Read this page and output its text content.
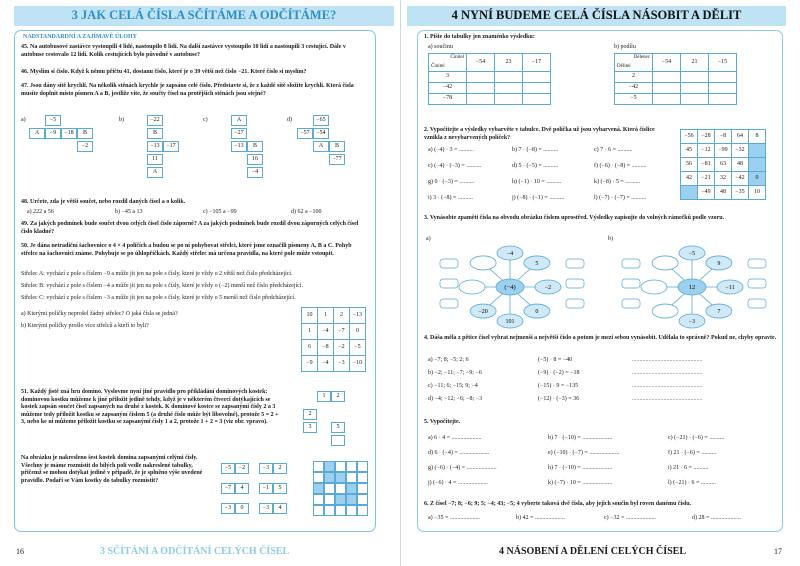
3 JAK CELÁ ČÍSLA SČÍTÁME A ODČÍTÁME?
NADSTANDARDNÍ A ZAJÍMAVÉ ÚLOHY
45. Na autobusové zastávce vystoupili 4 lidé, nastoupilo 8 lidí. Na další zastávce vystoupilo 10 lidí a nastoupili 3 cestující. Dále v autobuse cestovalo 12 lidí. Kolik cestujících bylo původně v autobuse?
46. Myslím si číslo. Když k němu přičtu 41, dostanu číslo, které je o 39 větší než číslo −21. Které číslo si myslím?
47. Jsou dány sítě krychlí. Na několik stěnách krychle je zapsáno celé číslo. Představte si, že z každé sítě složíte krychli. Která čísla musíte doplnit místo písmen A a B, jestliže víte, že součty čísel na protějších stěnách jsou stejné?
a)	b)	c)	d)
−5
A	−9	−18	B
−2
−22
B
−13	−17
11
A
A
−27
−13	B
16
−4
−65
−57	−54
B
A
−77
48. Určete, zda je větší součet, nebo rozdíl daných čísel a o kolik.
a) 222 a 56	b) −45 a 13	c) −105 a −99	d) 62 a −100
49. Za jakých podmínek bude součet dvou celých čísel číslo záporné? A za jakých podmínek bude rozdíl dvou záporných celých čísel číslo kladné?
50. Je dána netradiční šachovnice o 4 × 4 políčích a budou se po ní pohybovat střelci, které jsme označili písmeny A, B a C. Pohyb střelce na šachovnici známe. Pohybuje se po úhlopříčkách. Každý střelec má určena pravidla, na které pole může vstoupit.
Střelec A: vychází z pole s číslem −9 a může jít jen na pole s čísly, které je vždy o 2 větší než číslo předcházející.
Střelec B: vychází z pole s číslem −4 a může jít jen na pole s čísly, které je vždy o (−2) menší než číslo předcházející.
Střelec C: vychází z pole s číslem −3 a může jít jen na pole s čísly, které je vždy o 5 menší než číslo předcházející.
a) Kterými políčky neprošel žádný střelec? O jaká čísla se jedná?
b) Kterými políčky prošlo více střelců a kteří to byli?
10	1	2	−13
1	−4	−7	0
6	−8	−2	−5
−9	−4	−3	−10
51. Každý jistě zná hru domino. Vyslovme nyní jiné pravidlo pro přikládání dominových kostek: dominovou kostku můžeme k jiné přiložit jedině tehdy, když je v některém čtverci dotýkajících se kostek zapsán součet čísel zapsaných na druhé z kostek. K dominové kostce se zapsanými čísly 2 a 3 můžeme tedy přiložit kostku se zapsaným číslem 5 (a druhé číslo může být libovolné), protože 5 = 2 + 3, nebo ke ní můžeme přiložit kostku se zapsanými čísly 1 a 2, protože 1 + 2 = 3 (viz obr. vpravo).
Na obrázku je nakresleno šest kostek domina zapsanými celými čísly. Všechny je máme rozmístit do bílých polí vedle nakreslené tabulky, přičemž se mohou dotýkat jedině v případě, že je splněno výše uvedené pravidlo. Podaří se Vám kostky do tabulky rozmístit?
1	2
2
3	5
−5	−2	−3	2
−7	4	−1	5
−3	0	−3	4
16	3 SČÍTÁNÍ A ODČÍTÁNÍ CELÝCH ČÍSEL
4 NYNÍ BUDEME CELÁ ČÍSLA NÁSOBIT A DĚLIT
1. Pište do tabulky jen znaménko výsledku:
a) součinu	b) podílu
Činitel
Činitel	−54	23	−17
3			
−42			
−78			
Dělenec
Dělitel	−54	21	−15
2			
−42			
−5			
2. Vypočítejte a výsledky vybarvěte v tabulce. Dvě políčka už jsou vybarvená. Která číslice vznikla z nevybarvených políček?
a) (−4) · 3 = ..........	b) 7 · (−8) = ..........	c) 7 · 6 = ..........
c) (−4) · (−3) = ..........	d) 5 · (−5) = ..........	f) (−6) · (−8) = ..........
g) 0 · (−3) = ..........	h) (−1) · 10 = ..........	k) (−8) · 5 = ..........
i) 3 · (−8) = ..........	j) (−8) · (−1) = ..........	l) (−7) · (−7) = ..........
−56	−28	−8	64	8
45	−12	−99	−32	
56	−81	63	48	
42	−21	32	−42	0
	−49	48	−35	10
3. Vynásobte zpaměti čísla na obvodu obrázku číslem uprostřed. Výsledky zapisujte do volných rámečků podle vzoru.
a)	b)
−4
5
−2
0
101
−20
(−4)
−5
9
−11
7
−3
12
4. Dáša měla z pětice čísel vybrat nejmenší a největší číslo a potom je mezi sebou vynásobit. Udělala to správně? Pokud ne, chyby opravte.
a) −7; 8; −5; 2; 6	(−5) · 8 = −40	...............................................
b) −2; −11; −7; −9; −6	(−9) · (−2) = −18	...............................................
c) −11; 6; −15; 9; −4	(−15) · 9 = −135	...............................................
d) −4; −12; −6; −8; −3	(−12) · (−3) = 36	...............................................
5. Vypočítejte.
a) 6 · 4 = ....................	b) 7 · (−10) = ....................	c) (−21) · (−6) = ..........
d) 6 · (−4) = ....................	e) (−10) · (−7) = ....................	f) 21 · (−6) = ..........
g) (−6) · (−4) = ....................	h) 7 · (−10) = ....................	i) 21 · 6 = ..........
j) (−6) · 4 = ....................	k) (−7) · 10 = ....................	l) (−21) · 6 = ..........
6. Z čísel −7; 8; −6; 9; 5; −4; 43; −5; 4 vyberte taková dvě čísla, aby jejich součin byl roven danému číslu.
a) −35 = ....................	b) 42 = ....................	c) −32 = ....................	d) 28 = ....................
4 NÁSOBENÍ A DĚLENÍ CELÝCH ČÍSEL	17
